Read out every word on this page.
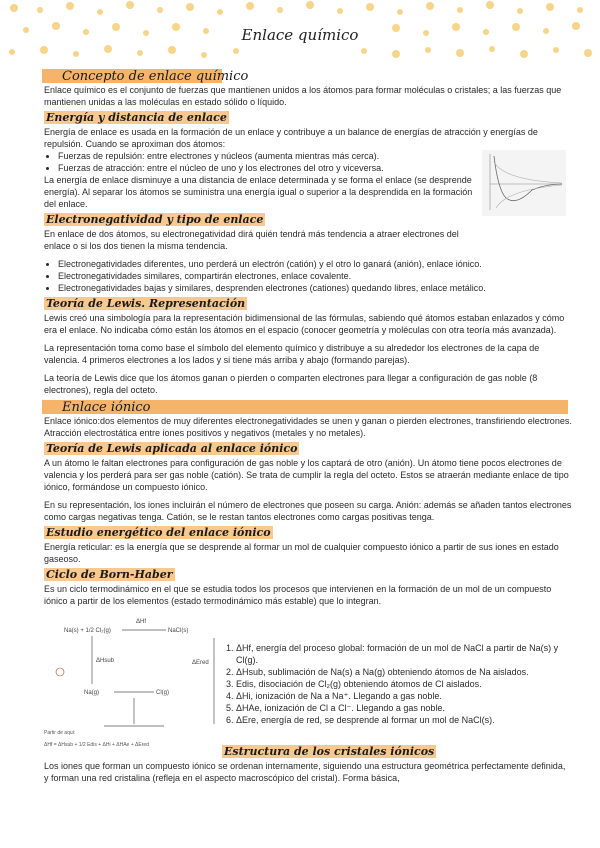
Enlace químico
Concepto de enlace químico

Enlace químico es el conjunto de fuerzas que mantienen unidos a los átomos para formar moléculas o cristales; a las fuerzas que mantienen unidas a las moléculas en estado sólido o líquido.

Energía y distancia de enlace

Energía de enlace es usada en la formación de un enlace y contribuye a un balance de energías de atracción y energías de repulsión. Cuando se aproximan dos átomos:

• Fuerzas de repulsión: entre electrones y núcleos (aumenta mientras más cerca).
• Fuerzas de atracción: entre el núcleo de uno y los electrones del otro y viceversa.

La energía de enlace disminuye a una distancia de enlace determinada y se forma el enlace (se desprende energía). Al separar los átomos se suministra una energía igual o superior a la desprendida en la formación del enlace.

Electronegatividad y tipo de enlace

En enlace de dos átomos, su electronegatividad dirá quién tendrá más tendencia a atraer electrones del enlace o si los dos tienen la misma tendencia.

• Electronegatividades diferentes, uno perderá un electrón (catión) y el otro lo ganará (anión), enlace iónico.
• Electronegatividades similares, compartirán electrones, enlace covalente.
• Electronegatividades bajas y similares, desprenden electrones (cationes) quedando libres, enlace metálico.
Teoría de Lewis. Representación

Lewis creó una simbología para la representación bidimensional de las fórmulas, sabiendo qué átomos estaban enlazados y cómo era el enlace. No indicaba cómo están los átomos en el espacio (conocer geometría y moléculas con otra teoría más avanzada).

La representación toma como base el símbolo del elemento químico y distribuye a su alrededor los electrones de la capa de valencia. 4 primeros electrones a los lados y si tiene más arriba y abajo (formando parejas).

La teoría de Lewis dice que los átomos ganan o pierden o comparten electrones para llegar a configuración de gas noble (8 electrones), regla del octeto.

Enlace iónico

Enlace iónico:dos elementos de muy diferentes electronegatividades se unen y ganan o pierden electrones, transfiriendo electrones. Atracción electrostática entre iones positivos y negativos (metales y no metales).

Teoría de Lewis aplicada al enlace iónico

A un átomo le faltan electrones para configuración de gas noble y los captará de otro (anión). Un átomo tiene pocos electrones de valencia y los perderá para ser gas noble (catión). Se trata de cumplir la regla del octeto. Estos se atraerán mediante enlace de tipo iónico, formándose un compuesto iónico.

En su representación, los iones incluirán el número de electrones que poseen su carga. Anión: además se añaden tantos electrones como cargas negativas tenga. Catión, se le restan tantos electrones como cargas positivas tenga.

Estudio energético del enlace iónico

Energía reticular: es la energía que se desprende al formar un mol de cualquier compuesto iónico a partir de sus iones en estado gaseoso.

Ciclo de Born-Haber

Es un ciclo termodinámico en el que se estudia todos los procesos que intervienen en la formación de un mol de un compuesto iónico a partir de los elementos (estado termodinámico más estable) que lo integran.

Na(s) + 1/2 Cl₂(g)
ΔHf
NaCl(s)
ΔHsub	ΔEred
Na(g)	Cl(g)
Partir de aquí:
ΔHf = ΔHsub + 1/2 Edis + ΔHi + ΔHAe + ΔEred
1. ΔHf, energía del proceso global: formación de un mol de NaCl a partir de Na(s) y Cl(g).
2. ΔHsub, sublimación de Na(s) a Na(g) obteniendo átomos de Na aislados.
3. Edis, disociación de Cl₂(g) obteniendo átomos de Cl aislados.
4. ΔHi, ionización de Na a Na⁺. Llegando a gas noble.
5. ΔHAe, ionización de Cl a Cl⁻. Llegando a gas noble.
6. ΔEre, energía de red, se desprende al formar un mol de NaCl(s).
Estructura de los cristales iónicos

Los iones que forman un compuesto iónico se ordenan internamente, siguiendo una estructura geométrica perfectamente definida, y forman una red cristalina (refleja en el aspecto macroscópico del cristal). Forma básica,
